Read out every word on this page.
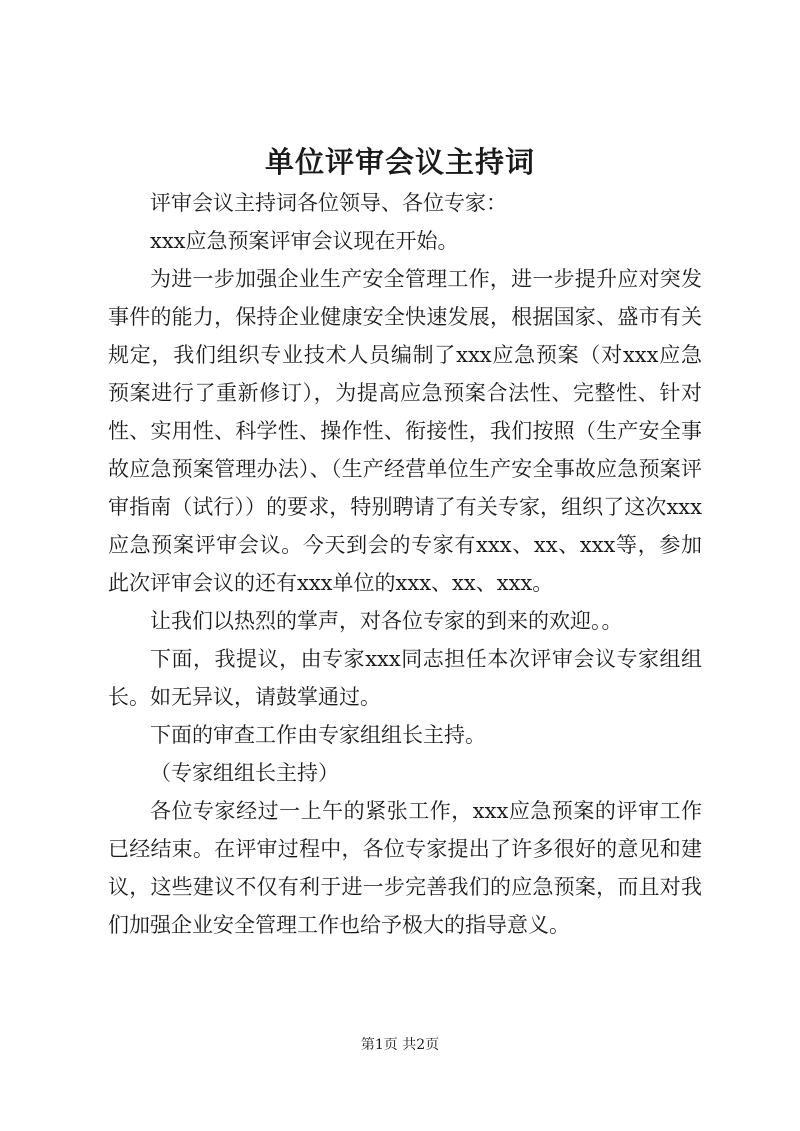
单位评审会议主持词

评审会议主持词各位领导、各位专家：

xxx应急预案评审会议现在开始。

为进一步加强企业生产安全管理工作，进一步提升应对突发事件的能力，保持企业健康安全快速发展，根据国家、盛市有关规定，我们组织专业技术人员编制了xxx应急预案（对xxx应急预案进行了重新修订），为提高应急预案合法性、完整性、针对性、实用性、科学性、操作性、衔接性，我们按照（生产安全事故应急预案管理办法）、（生产经营单位生产安全事故应急预案评审指南（试行））的要求，特别聘请了有关专家，组织了这次xxx应急预案评审会议。今天到会的专家有xxx、xx、xxx等，参加此次评审会议的还有xxx单位的xxx、xx、xxx。

让我们以热烈的掌声，对各位专家的到来的欢迎。。

下面，我提议，由专家xxx同志担任本次评审会议专家组组长。如无异议，请鼓掌通过。

下面的审查工作由专家组组长主持。

（专家组组长主持）

各位专家经过一上午的紧张工作，xxx应急预案的评审工作已经结束。在评审过程中，各位专家提出了许多很好的意见和建议，这些建议不仅有利于进一步完善我们的应急预案，而且对我们加强企业安全管理工作也给予极大的指导意义。

第1页 共2页
